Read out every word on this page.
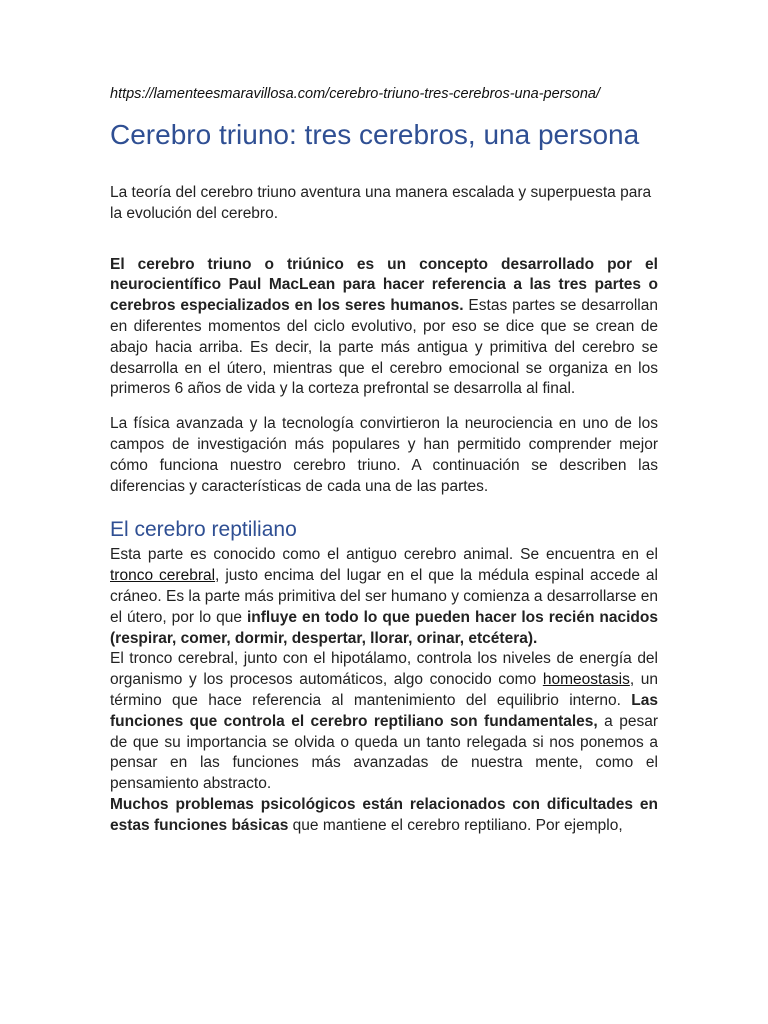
https://lamenteesmaravillosa.com/cerebro-triuno-tres-cerebros-una-persona/
Cerebro triuno: tres cerebros, una persona

La teoría del cerebro triuno aventura una manera escalada y superpuesta para la evolución del cerebro.

El cerebro triuno o triúnico es un concepto desarrollado por el neurocientífico Paul MacLean para hacer referencia a las tres partes o cerebros especializados en los seres humanos. Estas partes se desarrollan en diferentes momentos del ciclo evolutivo, por eso se dice que se crean de abajo hacia arriba. Es decir, la parte más antigua y primitiva del cerebro se desarrolla en el útero, mientras que el cerebro emocional se organiza en los primeros 6 años de vida y la corteza prefrontal se desarrolla al final.

La física avanzada y la tecnología convirtieron la neurociencia en uno de los campos de investigación más populares y han permitido comprender mejor cómo funciona nuestro cerebro triuno. A continuación se describen las diferencias y características de cada una de las partes.

El cerebro reptiliano

Esta parte es conocido como el antiguo cerebro animal. Se encuentra en el tronco cerebral, justo encima del lugar en el que la médula espinal accede al cráneo. Es la parte más primitiva del ser humano y comienza a desarrollarse en el útero, por lo que influye en todo lo que pueden hacer los recién nacidos (respirar, comer, dormir, despertar, llorar, orinar, etcétera).

El tronco cerebral, junto con el hipotálamo, controla los niveles de energía del organismo y los procesos automáticos, algo conocido como homeostasis, un término que hace referencia al mantenimiento del equilibrio interno. Las funciones que controla el cerebro reptiliano son fundamentales, a pesar de que su importancia se olvida o queda un tanto relegada si nos ponemos a pensar en las funciones más avanzadas de nuestra mente, como el pensamiento abstracto.

Muchos problemas psicológicos están relacionados con dificultades en estas funciones básicas que mantiene el cerebro reptiliano. Por ejemplo,
